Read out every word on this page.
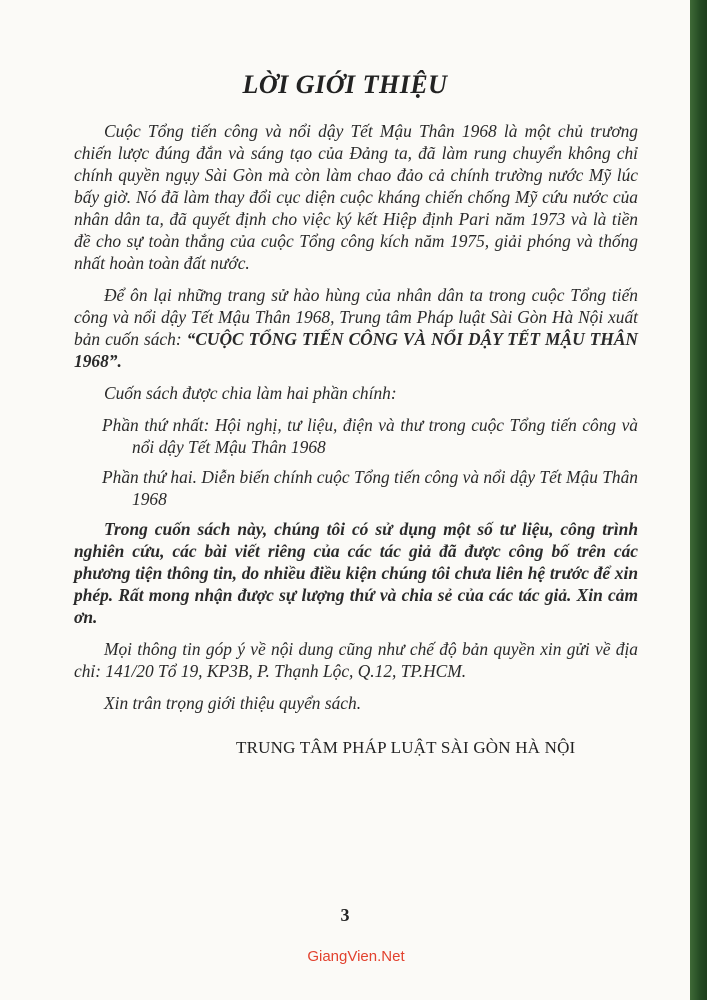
LỜI GIỚI THIỆU

Cuộc Tổng tiến công và nổi dậy Tết Mậu Thân 1968 là một chủ trương chiến lược đúng đắn và sáng tạo của Đảng ta, đã làm rung chuyển không chỉ chính quyền ngụy Sài Gòn mà còn làm chao đảo cả chính trường nước Mỹ lúc bấy giờ. Nó đã làm thay đổi cục diện cuộc kháng chiến chống Mỹ cứu nước của nhân dân ta, đã quyết định cho việc ký kết Hiệp định Pari năm 1973 và là tiền đề cho sự toàn thắng của cuộc Tổng công kích năm 1975, giải phóng và thống nhất hoàn toàn đất nước.

Để ôn lại những trang sử hào hùng của nhân dân ta trong cuộc Tổng tiến công và nổi dậy Tết Mậu Thân 1968, Trung tâm Pháp luật Sài Gòn Hà Nội xuất bản cuốn sách: “CUỘC TỔNG TIẾN CÔNG VÀ NỔI DẬY TẾT MẬU THÂN 1968”.

Cuốn sách được chia làm hai phần chính:

Phần thứ nhất: Hội nghị, tư liệu, điện và thư trong cuộc Tổng tiến công và nổi dậy Tết Mậu Thân 1968

Phần thứ hai. Diễn biến chính cuộc Tổng tiến công và nổi dậy Tết Mậu Thân 1968

Trong cuốn sách này, chúng tôi có sử dụng một số tư liệu, công trình nghiên cứu, các bài viết riêng của các tác giả đã được công bố trên các phương tiện thông tin, do nhiều điều kiện chúng tôi chưa liên hệ trước để xin phép. Rất mong nhận được sự lượng thứ và chia sẻ của các tác giả. Xin cảm ơn.

Mọi thông tin góp ý về nội dung cũng như chế độ bản quyền xin gửi về địa chỉ: 141/20 Tổ 19, KP3B, P. Thạnh Lộc, Q.12, TP.HCM.

Xin trân trọng giới thiệu quyển sách.

TRUNG TÂM PHÁP LUẬT SÀI GÒN HÀ NỘI
3
GiangVien.Net
